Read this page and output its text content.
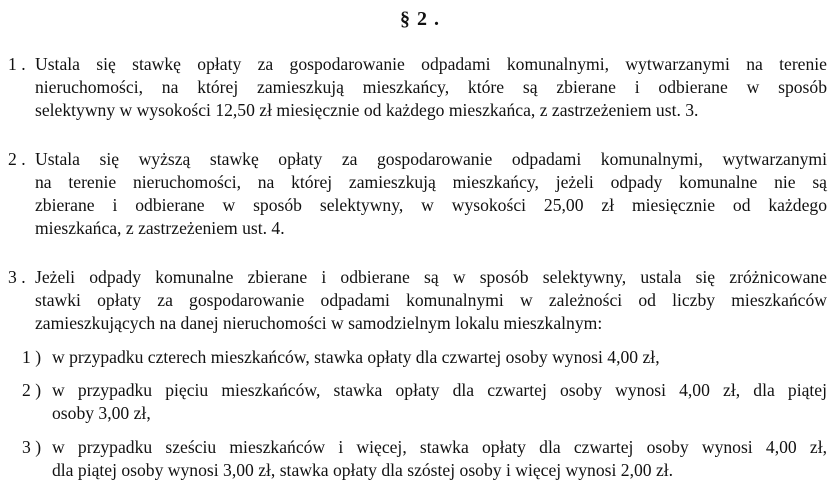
§ 2 .
1 . Ustala się stawkę opłaty za gospodarowanie odpadami komunalnymi, wytwarzanymi na terenie
nieruchomości, na której zamieszkują mieszkańcy, które są zbierane i odbierane w sposób
selektywny w wysokości 12,50 zł miesięcznie od każdego mieszkańca, z zastrzeżeniem ust. 3.
2 . Ustala się wyższą stawkę opłaty za gospodarowanie odpadami komunalnymi, wytwarzanymi
na terenie nieruchomości, na której zamieszkują mieszkańcy, jeżeli odpady komunalne nie są
zbierane i odbierane w sposób selektywny, w wysokości 25,00 zł miesięcznie od każdego
mieszkańca, z zastrzeżeniem ust. 4.
3 . Jeżeli odpady komunalne zbierane i odbierane są w sposób selektywny, ustala się zróżnicowane
stawki opłaty za gospodarowanie odpadami komunalnymi w zależności od liczby mieszkańców
zamieszkujących na danej nieruchomości w samodzielnym lokalu mieszkalnym:
1 ) w przypadku czterech mieszkańców, stawka opłaty dla czwartej osoby wynosi 4,00 zł,
2 ) w przypadku pięciu mieszkańców, stawka opłaty dla czwartej osoby wynosi 4,00 zł, dla piątej
osoby 3,00 zł,
3 ) w przypadku sześciu mieszkańców i więcej, stawka opłaty dla czwartej osoby wynosi 4,00 zł,
dla piątej osoby wynosi 3,00 zł, stawka opłaty dla szóstej osoby i więcej wynosi 2,00 zł.
